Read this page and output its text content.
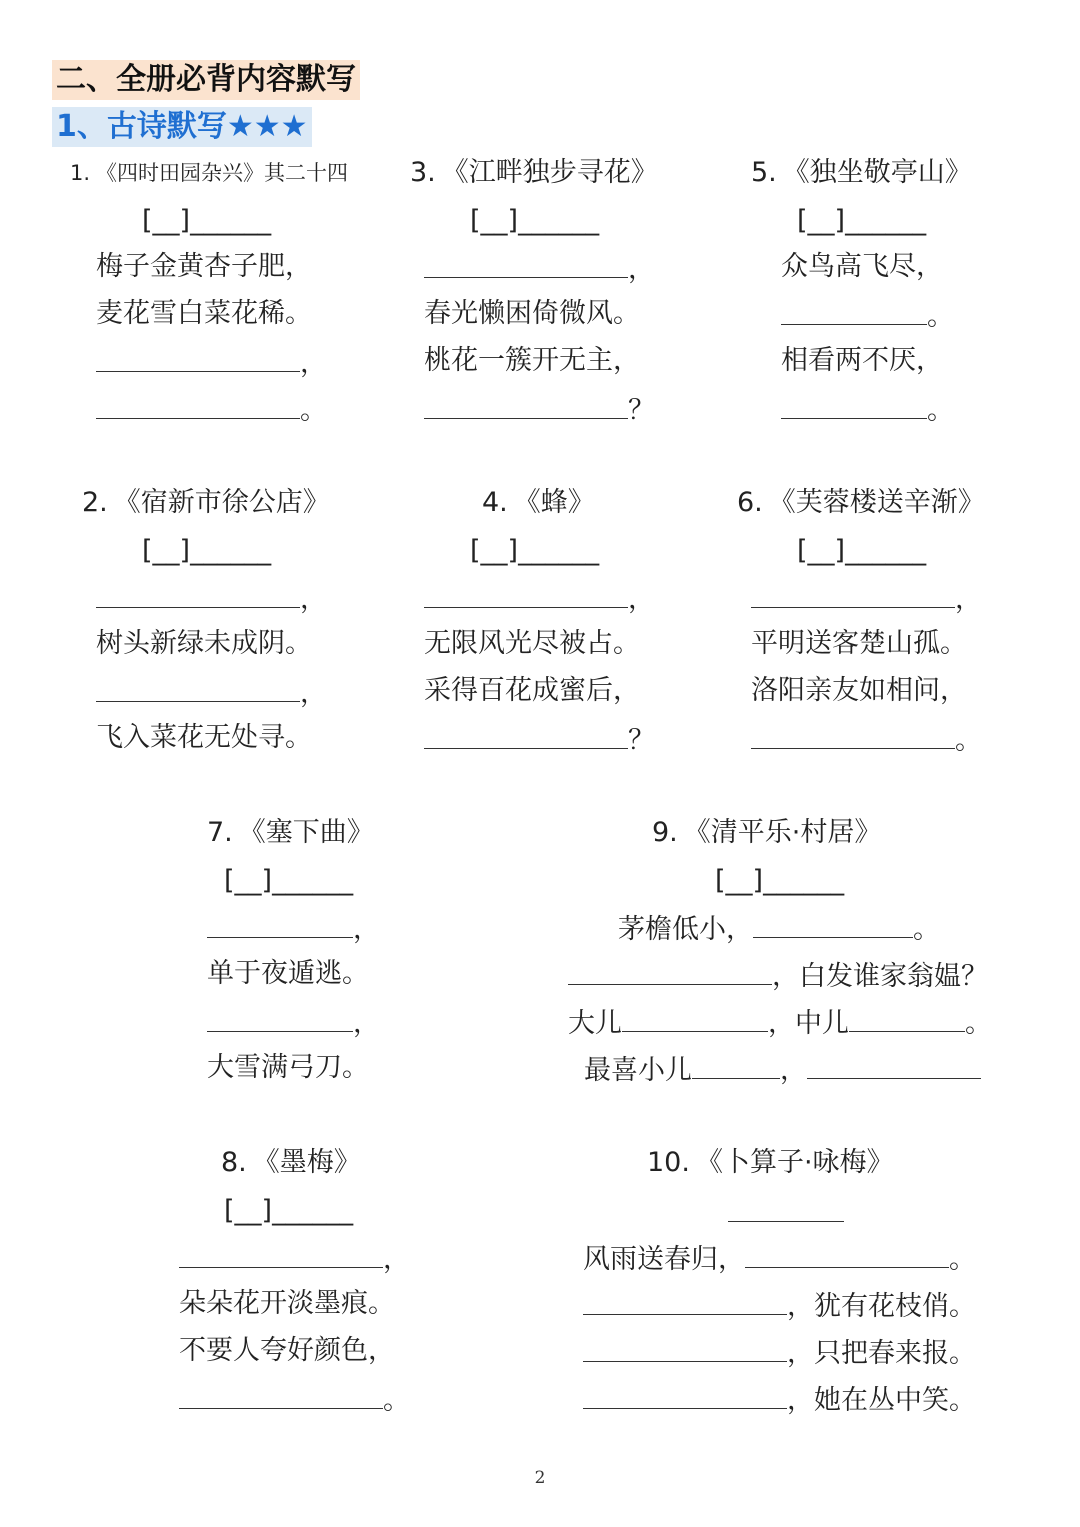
二、全册必背内容默写
1、古诗默写★★★
1. 《四时田园杂兴》其二十四
[__]______
梅子金黄杏子肥，
麦花雪白菜花稀。
，
。
3. 《江畔独步寻花》
[__]______
，
春光懒困倚微风。
桃花一簇开无主，
？
5. 《独坐敬亭山》
[__]______
众鸟高飞尽，
。
相看两不厌，
。
2. 《宿新市徐公店》
[__]______
，
树头新绿未成阴。
，
飞入菜花无处寻。
4. 《蜂》
[__]______
，
无限风光尽被占。
采得百花成蜜后，
？
6. 《芙蓉楼送辛渐》
[__]______
，
平明送客楚山孤。
洛阳亲友如相问，
。
7. 《塞下曲》
[__]______
，
单于夜遁逃。
，
大雪满弓刀。
9. 《清平乐·村居》
[__]______
茅檐低小，	。
，白发谁家翁媪？
大儿	，中儿	。
最喜小儿	，
8. 《墨梅》
[__]______
，
朵朵花开淡墨痕。
不要人夸好颜色，
。
10. 《卜算子·咏梅》
风雨送春归，	。
，犹有花枝俏。
，只把春来报。
，她在丛中笑。
2
